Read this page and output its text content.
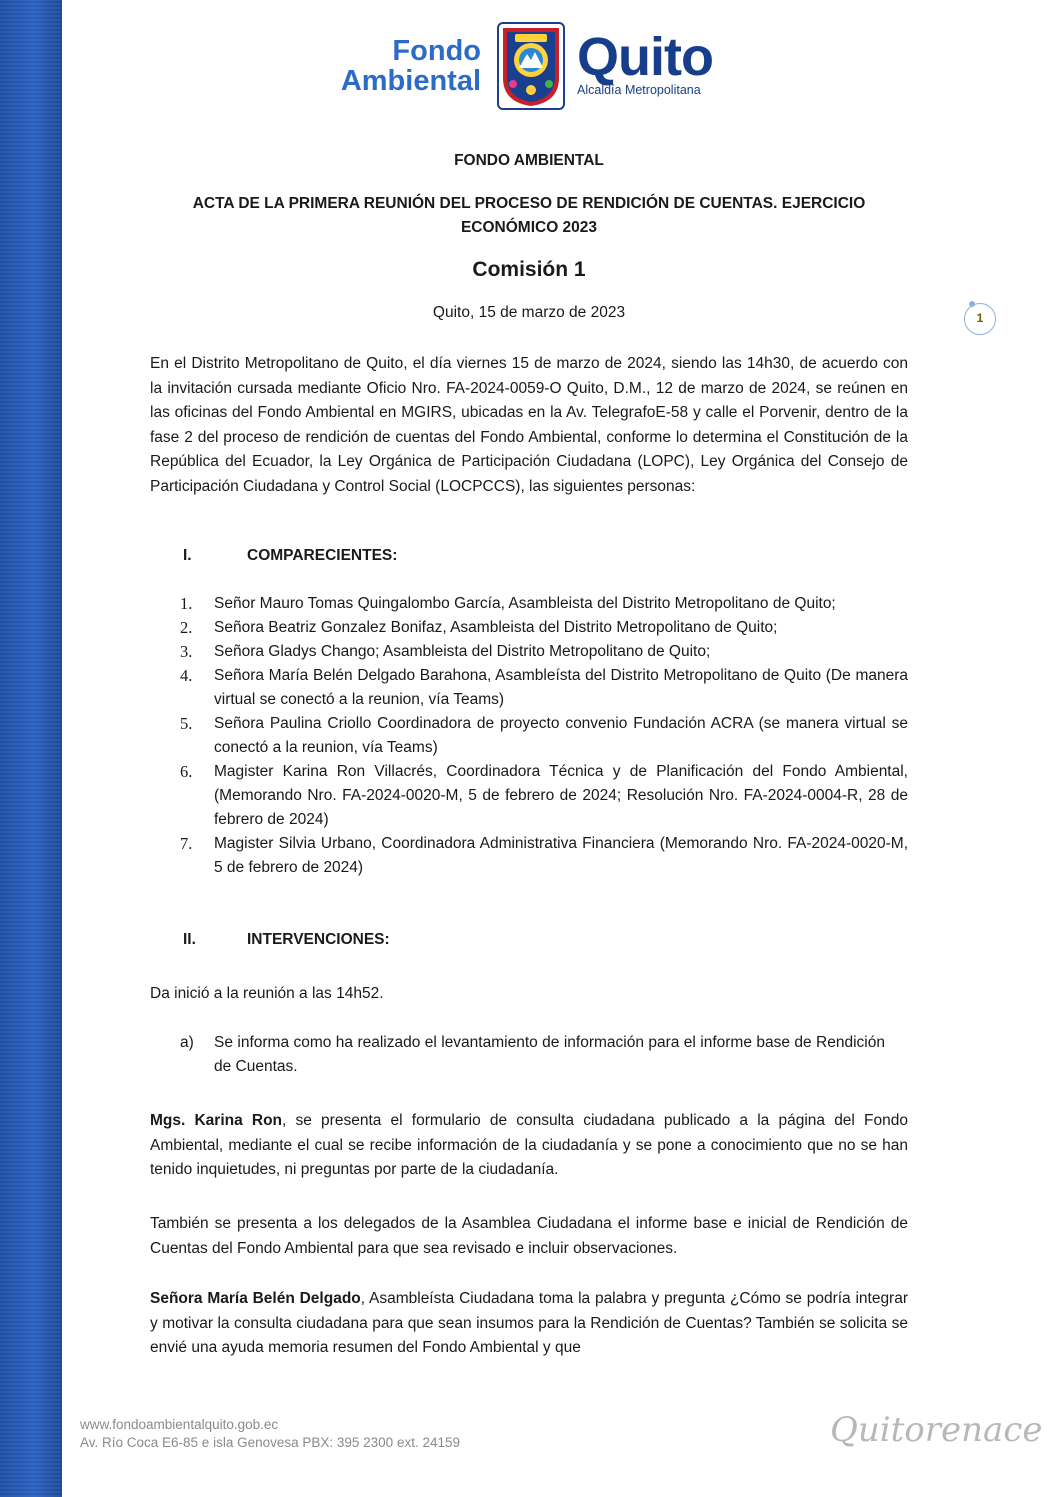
Fondo
Ambiental Quito
Alcaldía Metropolitana
FONDO AMBIENTAL
ACTA DE LA PRIMERA REUNIÓN DEL PROCESO DE RENDICIÓN DE CUENTAS. EJERCICIO ECONÓMICO 2023
Comisión 1
Quito, 15 de marzo de 2023	1
En el Distrito Metropolitano de Quito, el día viernes 15 de marzo de 2024, siendo las 14h30, de acuerdo con la invitación cursada mediante Oficio Nro. FA-2024-0059-O Quito, D.M., 12 de marzo de 2024, se reúnen en las oficinas del Fondo Ambiental en MGIRS, ubicadas en la Av. TelegrafoE-58 y calle el Porvenir, dentro de la fase 2 del proceso de rendición de cuentas del Fondo Ambiental, conforme lo determina el Constitución de la República del Ecuador, la Ley Orgánica de Participación Ciudadana (LOPC), Ley Orgánica del Consejo de Participación Ciudadana y Control Social (LOCPCCS), las siguientes personas:
I.	COMPARECIENTES:
1. Señor Mauro Tomas Quingalombo García, Asambleista del Distrito Metropolitano de Quito;
2. Señora Beatriz Gonzalez Bonifaz, Asambleista del Distrito Metropolitano de Quito;
3. Señora Gladys Chango; Asambleista del Distrito Metropolitano de Quito;
4. Señora María Belén Delgado Barahona, Asambleísta del Distrito Metropolitano de Quito (De manera virtual se conectó a la reunion, vía Teams)
5. Señora Paulina Criollo Coordinadora de proyecto convenio Fundación ACRA (se manera virtual se conectó a la reunion, vía Teams)
6. Magister Karina Ron Villacrés, Coordinadora Técnica y de Planificación del Fondo Ambiental, (Memorando Nro. FA-2024-0020-M, 5 de febrero de 2024; Resolución Nro. FA-2024-0004-R, 28 de febrero de 2024)
7. Magister Silvia Urbano, Coordinadora Administrativa Financiera (Memorando Nro. FA-2024-0020-M, 5 de febrero de 2024)
II.	INTERVENCIONES:
Da inició a la reunión a las 14h52.
a) Se informa como ha realizado el levantamiento de información para el informe base de Rendición de Cuentas.
Mgs. Karina Ron, se presenta el formulario de consulta ciudadana publicado a la página del Fondo Ambiental, mediante el cual se recibe información de la ciudadanía y se pone a conocimiento que no se han tenido inquietudes, ni preguntas por parte de la ciudadanía.
También se presenta a los delegados de la Asamblea Ciudadana el informe base e inicial de Rendición de Cuentas del Fondo Ambiental para que sea revisado e incluir observaciones.
Señora María Belén Delgado, Asambleísta Ciudadana toma la palabra y pregunta ¿Cómo se podría integrar y motivar la consulta ciudadana para que sean insumos para la Rendición de Cuentas? También se solicita se envié una ayuda memoria resumen del Fondo Ambiental y que
www.fondoambientalquito.gob.ec
Av. Río Coca E6-85 e isla Genovesa PBX: 395 2300 ext. 24159	Quitorenace
